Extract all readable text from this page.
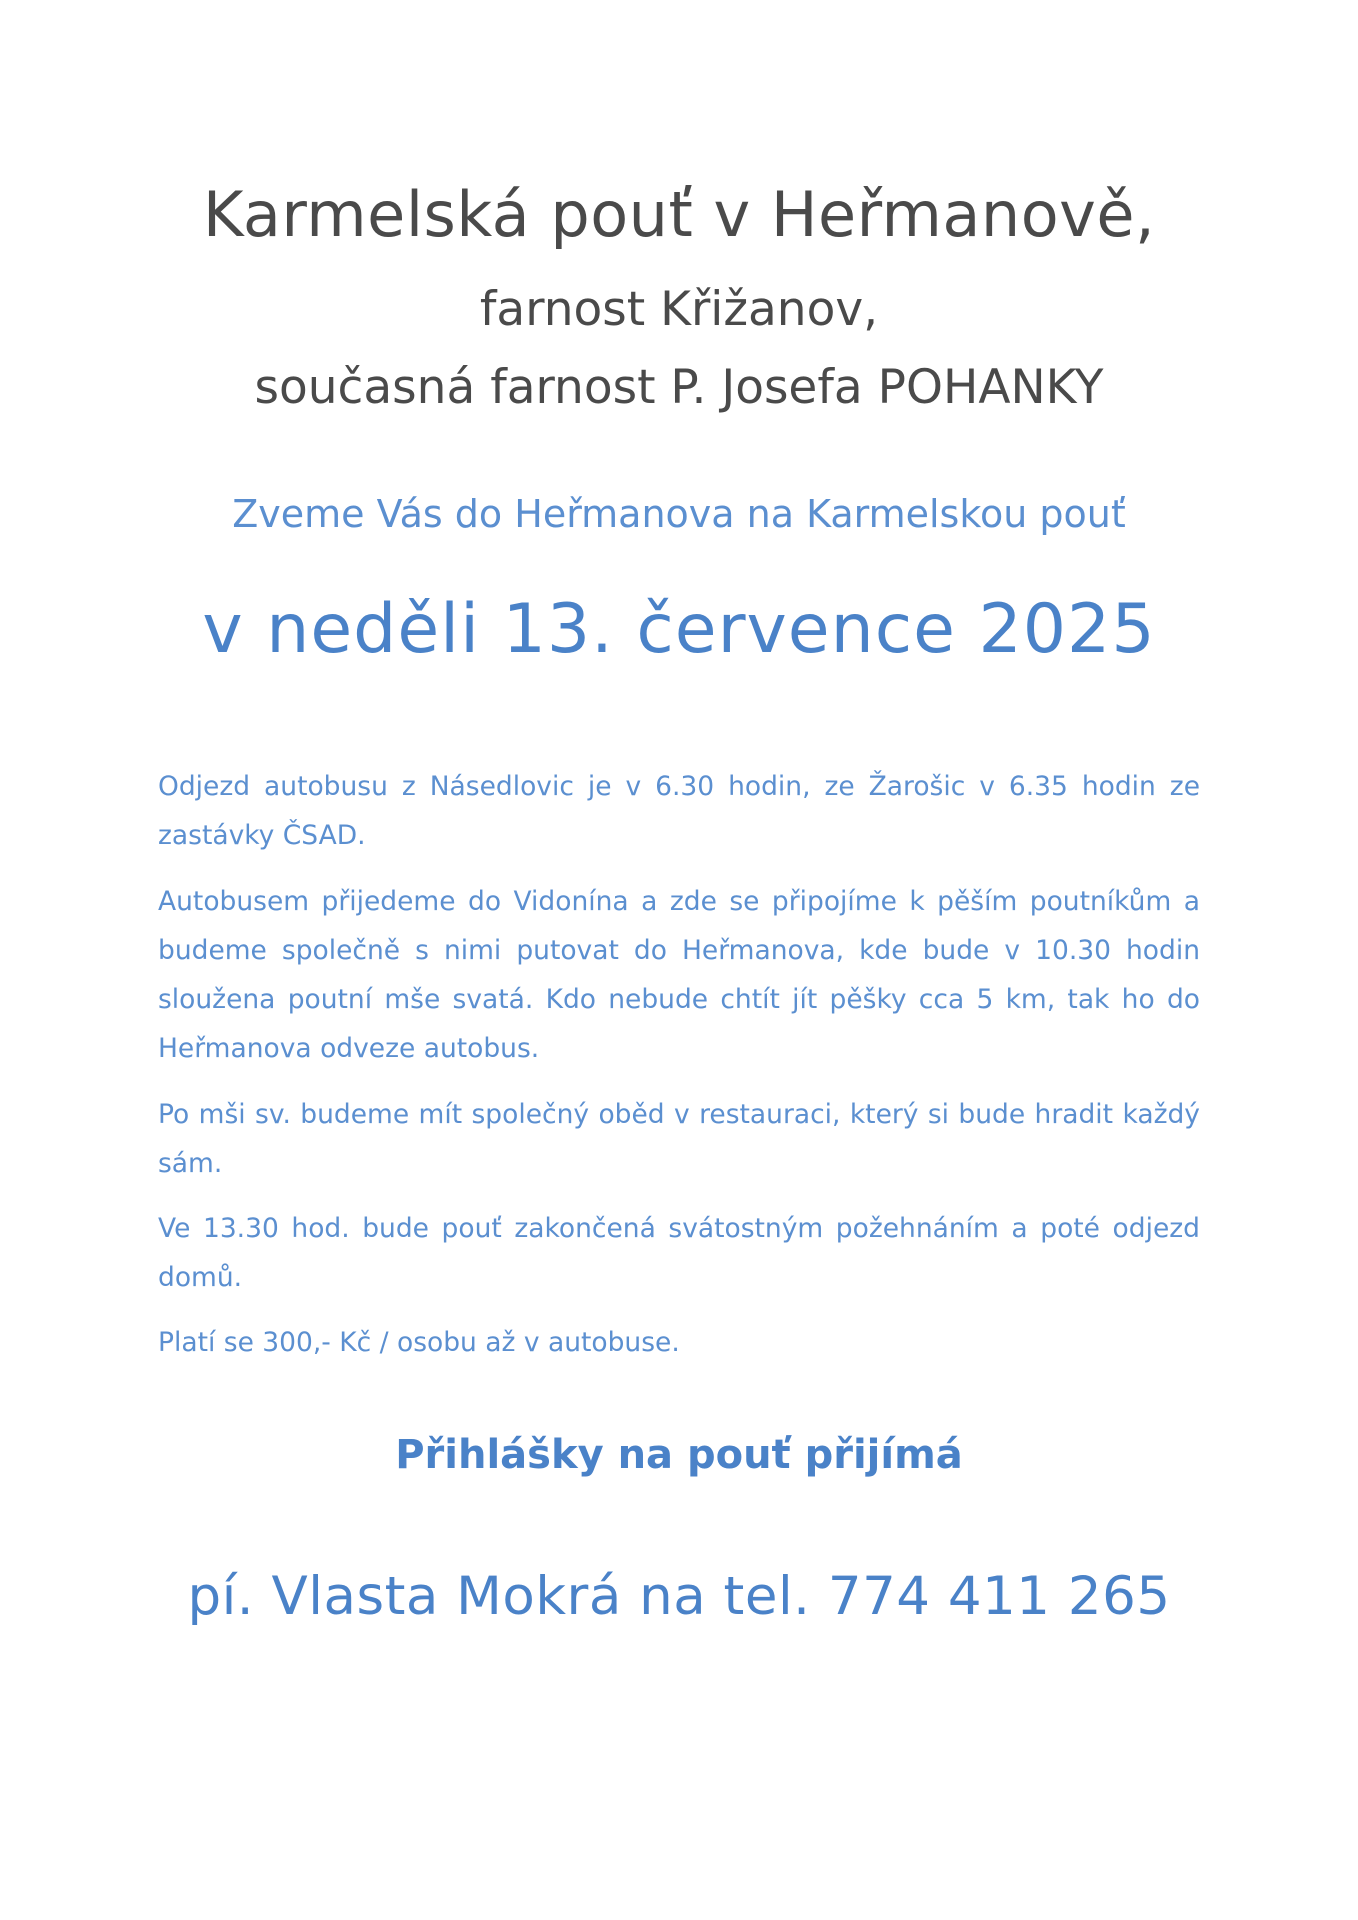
Karmelská pouť v Heřmanově,
farnost Křižanov,
současná farnost P. Josefa POHANKY
Zveme Vás do Heřmanova na Karmelskou pouť
v neděli 13. července 2025

Odjezd autobusu z Násedlovic je v 6.30 hodin, ze Žarošic v 6.35 hodin ze zastávky ČSAD.

Autobusem přijedeme do Vidonína a zde se připojíme k pěším poutníkům a budeme společně s nimi putovat do Heřmanova, kde bude v 10.30 hodin sloužena poutní mše svatá. Kdo nebude chtít jít pěšky cca 5 km, tak ho do Heřmanova odveze autobus.

Po mši sv. budeme mít společný oběd v restauraci, který si bude hradit každý sám.

Ve 13.30 hod. bude pouť zakončená svátostným požehnáním a poté odjezd domů.

Platí se 300,- Kč / osobu až v autobuse.

Přihlášky na pouť přijímá
pí. Vlasta Mokrá na tel. 774 411 265
